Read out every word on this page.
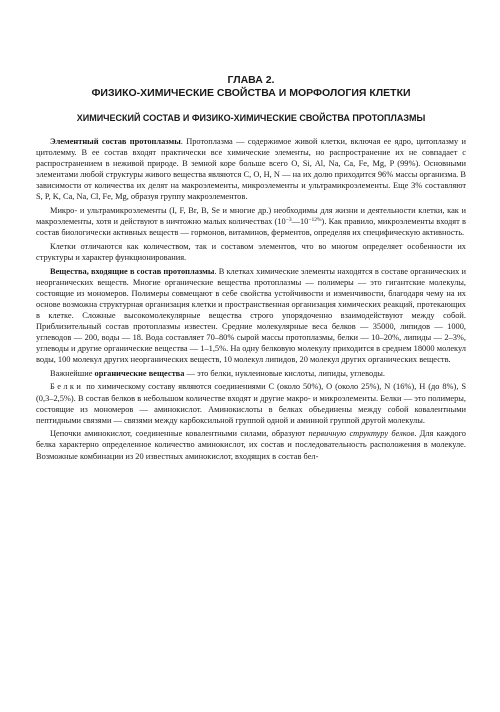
ГЛАВА 2.
ФИЗИКО-ХИМИЧЕСКИЕ СВОЙСТВА И МОРФОЛОГИЯ КЛЕТКИ
ХИМИЧЕСКИЙ СОСТАВ И ФИЗИКО-ХИМИЧЕСКИЕ СВОЙСТВА ПРОТОПЛАЗМЫ

Элементный состав протоплазмы. Протоплазма — содержимое живой клетки, включая ее ядро, цитоплазму и цитолемму. В ее состав входят практически все химические элементы, но распространение их не совпадает с распространением в неживой природе. В земной коре больше всего O, Si, Al, Na, Ca, Fe, Mg, P (99%). Основными элементами любой структуры живого вещества являются C, O, H, N — на их долю приходится 96% массы организма. В зависимости от количества их делят на макроэлементы, микроэлементы и ультрамикроэлементы. Еще 3% составляют S, P, K, Ca, Na, Cl, Fe, Mg, образуя группу макроэлементов.

Микро- и ультрамикроэлементы (I, F, Br, B, Se и многие др.) необходимы для жизни и деятельности клетки, как и макроэлементы, хотя и действуют в ничтожно малых количествах $(10^{-3}—10^{-12\%})$. Как правило, микроэлементы входят в состав биологически активных веществ — гормонов, витаминов, ферментов, определяя их специфическую активность.

Клетки отличаются как количеством, так и составом элементов, что во многом определяет особенности их структуры и характер функционирования.

Вещества, входящие в состав протоплазмы. В клетках химические элементы находятся в составе органических и неорганических веществ. Многие органические вещества протоплазмы — полимеры — это гигантские молекулы, состоящие из мономеров. Полимеры совмещают в себе свойства устойчивости и изменчивости, благодаря чему на их основе возможна структурная организация клетки и пространственная организация химических реакций, протекающих в клетке. Сложные высокомолекулярные вещества строго упорядоченно взаимодействуют между собой. Приблизительный состав протоплазмы известен. Средние молекулярные веса белков — 35000, липидов — 1000, углеводов — 200, воды — 18. Вода составляет 70–80% сырой массы протоплазмы, белки — 10–20%, липиды — 2–3%, углеводы и другие органические вещества — 1–1,5%. На одну белковую молекулу приходится в среднем 18000 молекул воды, 100 молекул других неорганических веществ, 10 молекул липидов, 20 молекул других органических веществ.

Важнейшие органические вещества — это белки, нуклеиновые кислоты, липиды, углеводы.

Белки по химическому составу являются соединениями C (около 50%), O (около 25%), N (16%), H (до 8%), S (0,3–2,5%). В состав белков в небольшом количестве входят и другие макро- и микроэлементы. Белки — это полимеры, состоящие из мономеров — аминокислот. Аминокислоты в белках объединены между собой ковалентными пептидными связями — связями между карбоксильной группой одной и аминной группой другой молекулы.

Цепочки аминокислот, соединенные ковалентными силами, образуют первичную структуру белков. Для каждого белка характерно определенное количество аминокислот, их состав и последовательность расположения в молекуле. Возможные комбинации из 20 известных аминокислот, входящих в состав бел-
